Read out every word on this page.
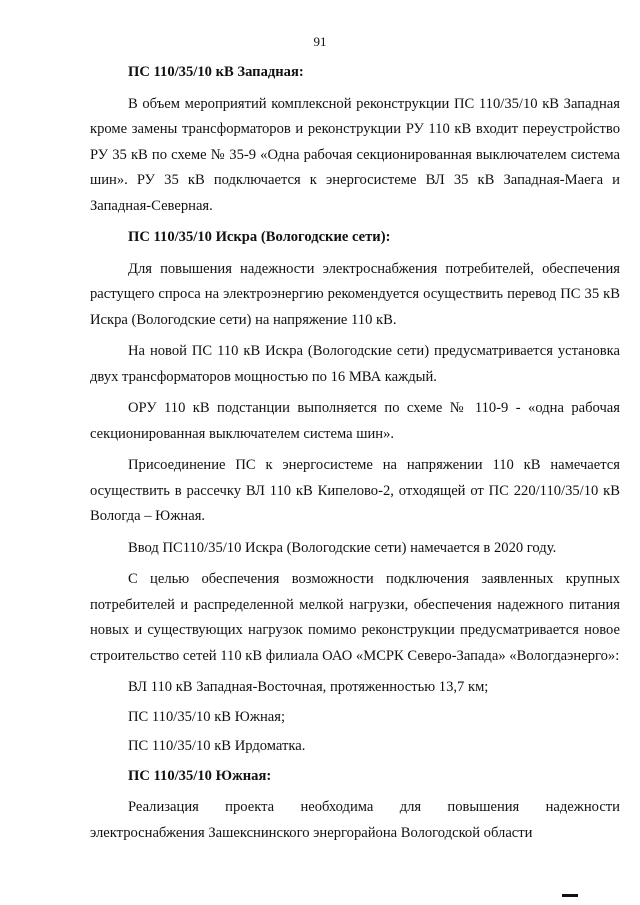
91

ПС 110/35/10 кВ Западная:

В объем мероприятий комплексной реконструкции ПС 110/35/10 кВ Западная кроме замены трансформаторов и реконструкции РУ 110 кВ входит переустройство РУ 35 кВ по схеме № 35-9 «Одна рабочая секционированная выключателем система шин». РУ 35 кВ подключается к энергосистеме ВЛ 35 кВ Западная-Маега и Западная-Северная.

ПС 110/35/10 Искра (Вологодские сети):

Для повышения надежности электроснабжения потребителей, обеспечения растущего спроса на электроэнергию рекомендуется осуществить перевод ПС 35 кВ Искра (Вологодские сети) на напряжение 110 кВ.

На новой ПС 110 кВ Искра (Вологодские сети) предусматривается установка двух трансформаторов мощностью по 16 МВА каждый.

ОРУ 110 кВ подстанции выполняется по схеме № 110-9 - «одна рабочая секционированная выключателем система шин».

Присоединение ПС к энергосистеме на напряжении 110 кВ намечается осуществить в рассечку ВЛ 110 кВ Кипелово-2, отходящей от ПС 220/110/35/10 кВ Вологда – Южная.

Ввод ПС110/35/10 Искра (Вологодские сети) намечается в 2020 году.

С целью обеспечения возможности подключения заявленных крупных потребителей и распределенной мелкой нагрузки, обеспечения надежного питания новых и существующих нагрузок помимо реконструкции предусматривается новое строительство сетей 110 кВ филиала ОАО «МСРК Северо-Запада» «Вологдаэнерго»:

ВЛ 110 кВ Западная-Восточная, протяженностью 13,7 км;

ПС 110/35/10 кВ Южная;

ПС 110/35/10 кВ Ирдоматка.

ПС 110/35/10 Южная:

Реализация проекта необходима для повышения надежности электроснабжения Зашекснинского энергорайона Вологодской области
